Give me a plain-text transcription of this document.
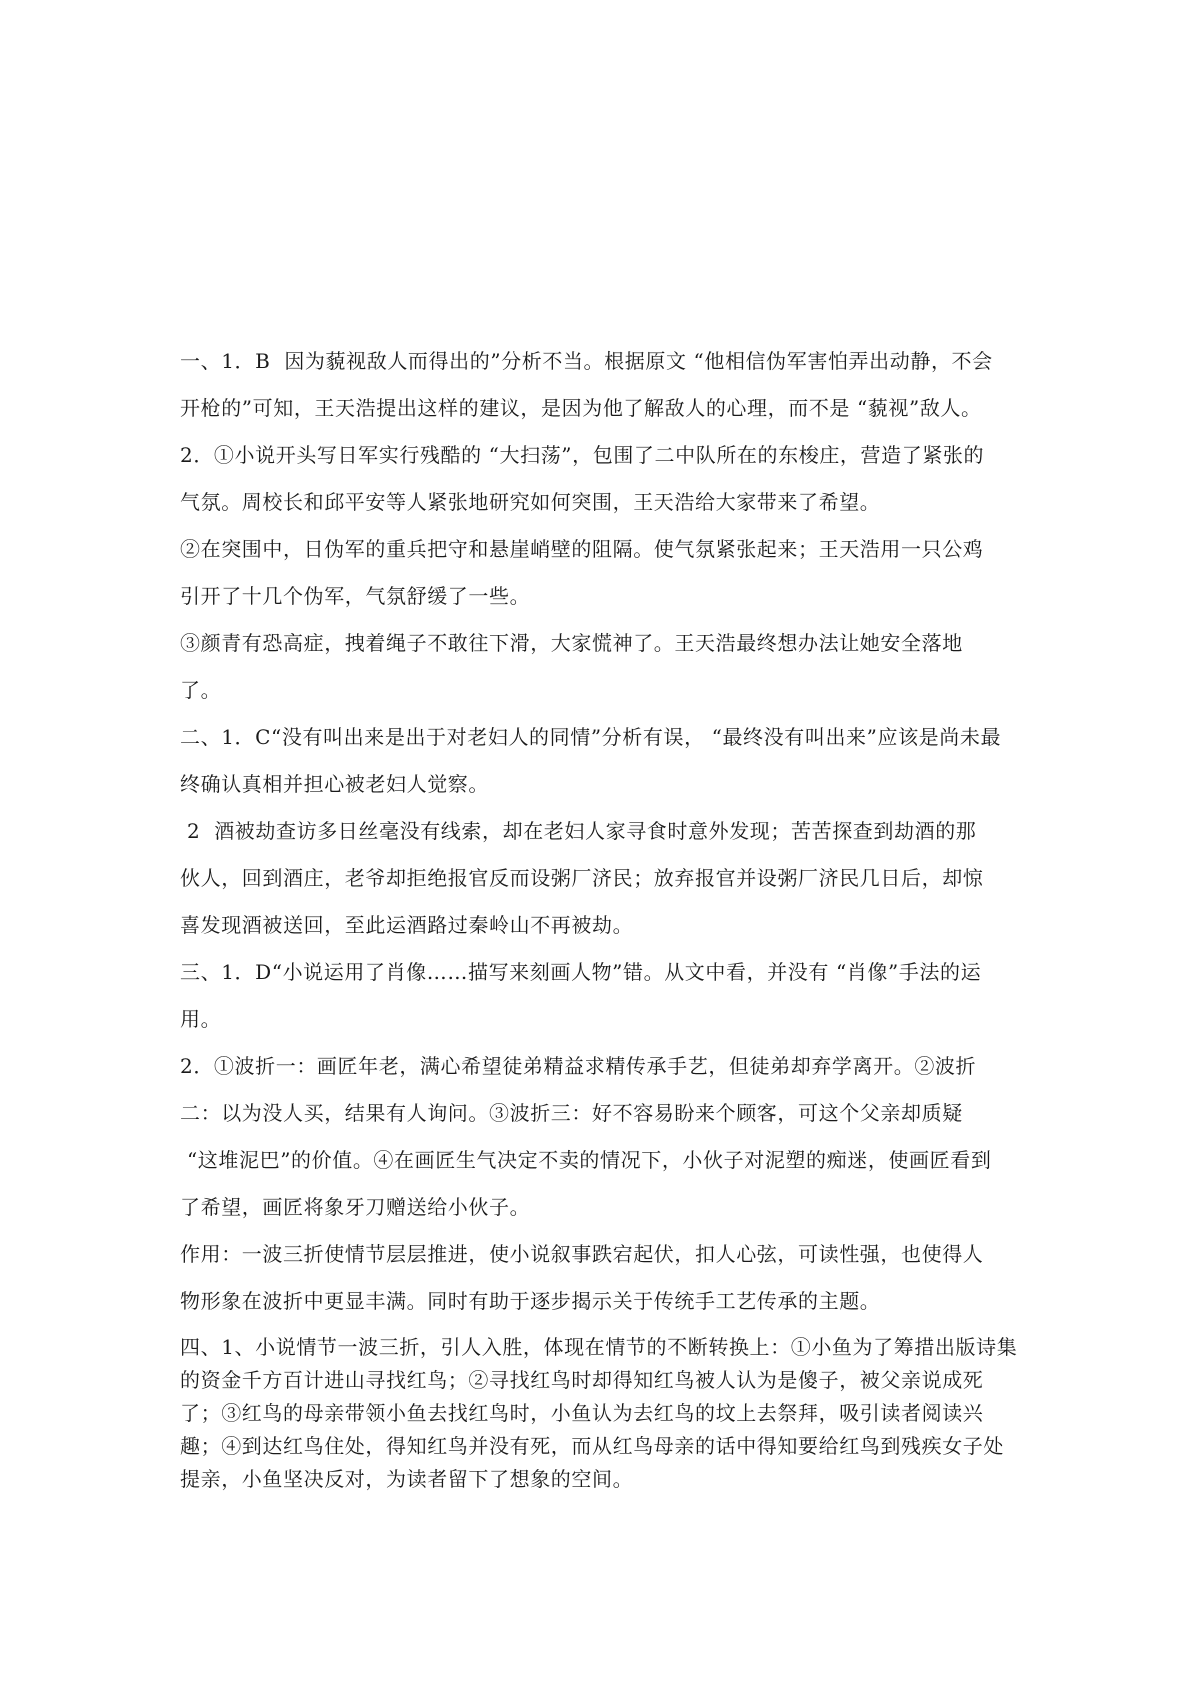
一、1．B  因为藐视敌人而得出的”分析不当。根据原文 “他相信伪军害怕弄出动静，不会

开枪的”可知，王天浩提出这样的建议，是因为他了解敌人的心理，而不是 “藐视”敌人。

2．①小说开头写日军实行残酷的 “大扫荡”，包围了二中队所在的东梭庄，营造了紧张的

气氛。周校长和邱平安等人紧张地研究如何突围，王天浩给大家带来了希望。

②在突围中，日伪军的重兵把守和悬崖峭壁的阻隔。使气氛紧张起来；王天浩用一只公鸡

引开了十几个伪军，气氛舒缓了一些。

③颜青有恐高症，拽着绳子不敢往下滑，大家慌神了。王天浩最终想办法让她安全落地

了。

二、1．C“没有叫出来是出于对老妇人的同情”分析有误， “最终没有叫出来”应该是尚未最

终确认真相并担心被老妇人觉察。

2  酒被劫查访多日丝毫没有线索，却在老妇人家寻食时意外发现；苦苦探查到劫酒的那

伙人，回到酒庄，老爷却拒绝报官反而设粥厂济民；放弃报官并设粥厂济民几日后，却惊

喜发现酒被送回，至此运酒路过秦岭山不再被劫。

三、1．D“小说运用了肖像……描写来刻画人物”错。从文中看，并没有 “肖像”手法的运

用。

2．①波折一：画匠年老，满心希望徒弟精益求精传承手艺，但徒弟却弃学离开。②波折

二：以为没人买，结果有人询问。③波折三：好不容易盼来个顾客，可这个父亲却质疑

“这堆泥巴”的价值。④在画匠生气决定不卖的情况下，小伙子对泥塑的痴迷，使画匠看到

了希望，画匠将象牙刀赠送给小伙子。

作用：一波三折使情节层层推进，使小说叙事跌宕起伏，扣人心弦，可读性强，也使得人

物形象在波折中更显丰满。同时有助于逐步揭示关于传统手工艺传承的主题。

四、1、小说情节一波三折，引人入胜，体现在情节的不断转换上：①小鱼为了筹措出版诗集的资金千方百计进山寻找红鸟；②寻找红鸟时却得知红鸟被人认为是傻子，被父亲说成死了；③红鸟的母亲带领小鱼去找红鸟时，小鱼认为去红鸟的坟上去祭拜，吸引读者阅读兴趣；④到达红鸟住处，得知红鸟并没有死，而从红鸟母亲的话中得知要给红鸟到残疾女子处提亲，小鱼坚决反对，为读者留下了想象的空间。
